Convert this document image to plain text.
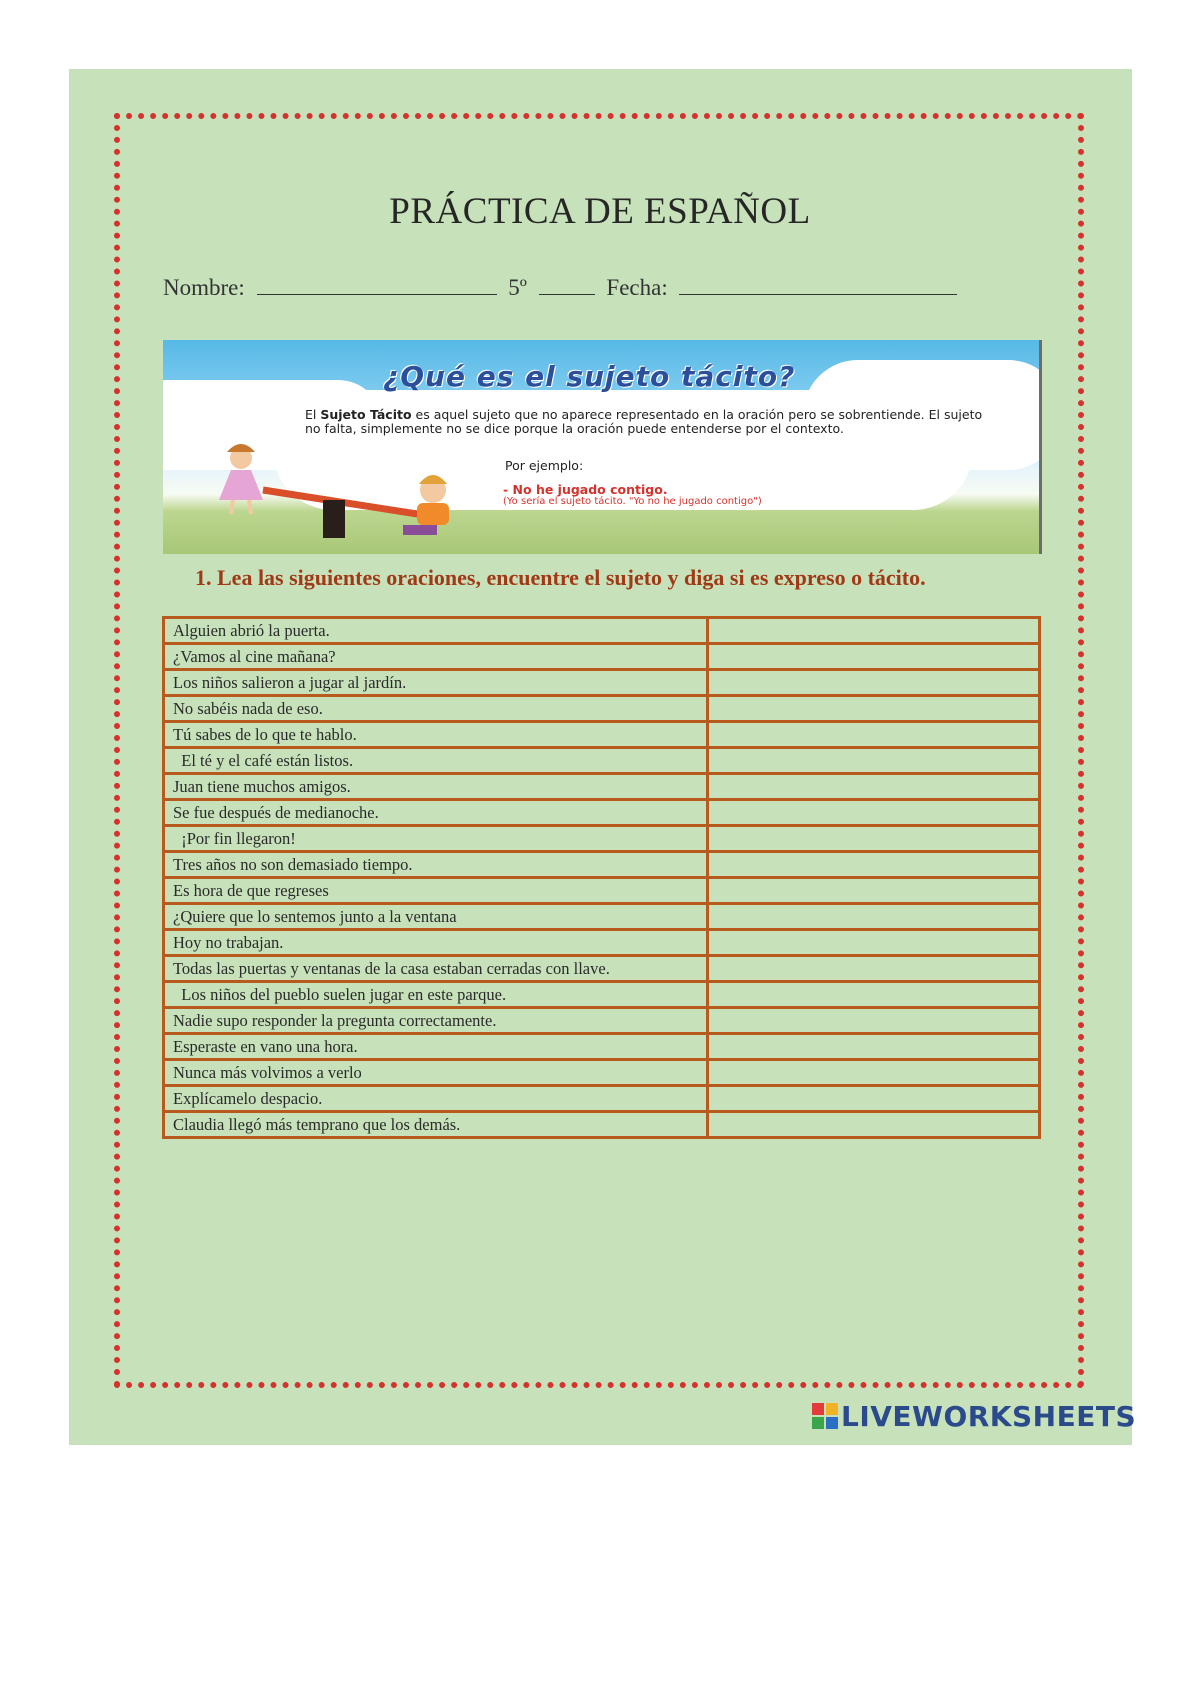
PRÁCTICA DE ESPAÑOL
Nombre:	5º	Fecha:
¿Qué es el sujeto tácito?
El Sujeto Tácito es aquel sujeto que no aparece representado en la oración pero se sobrentiende. El sujeto no falta, simplemente no se dice porque la oración puede entenderse por el contexto.
Por ejemplo:
- No he jugado contigo.
(Yo sería el sujeto tácito. "Yo no he jugado contigo")
1. Lea las siguientes oraciones, encuentre el sujeto y diga si es expreso o tácito.
Alguien abrió la puerta.	
¿Vamos al cine mañana?	
Los niños salieron a jugar al jardín.	
No sabéis nada de eso.	
Tú sabes de lo que te hablo.	
El té y el café están listos.	
Juan tiene muchos amigos.	
Se fue después de medianoche.	
¡Por fin llegaron!	
Tres años no son demasiado tiempo.	
Es hora de que regreses	
¿Quiere que lo sentemos junto a la ventana	
Hoy no trabajan.	
Todas las puertas y ventanas de la casa estaban cerradas con llave.	
Los niños del pueblo suelen jugar en este parque.	
Nadie supo responder la pregunta correctamente.	
Esperaste en vano una hora.	
Nunca más volvimos a verlo	
Explícamelo despacio.	
Claudia llegó más temprano que los demás.	
LIVEWORKSHEETS
